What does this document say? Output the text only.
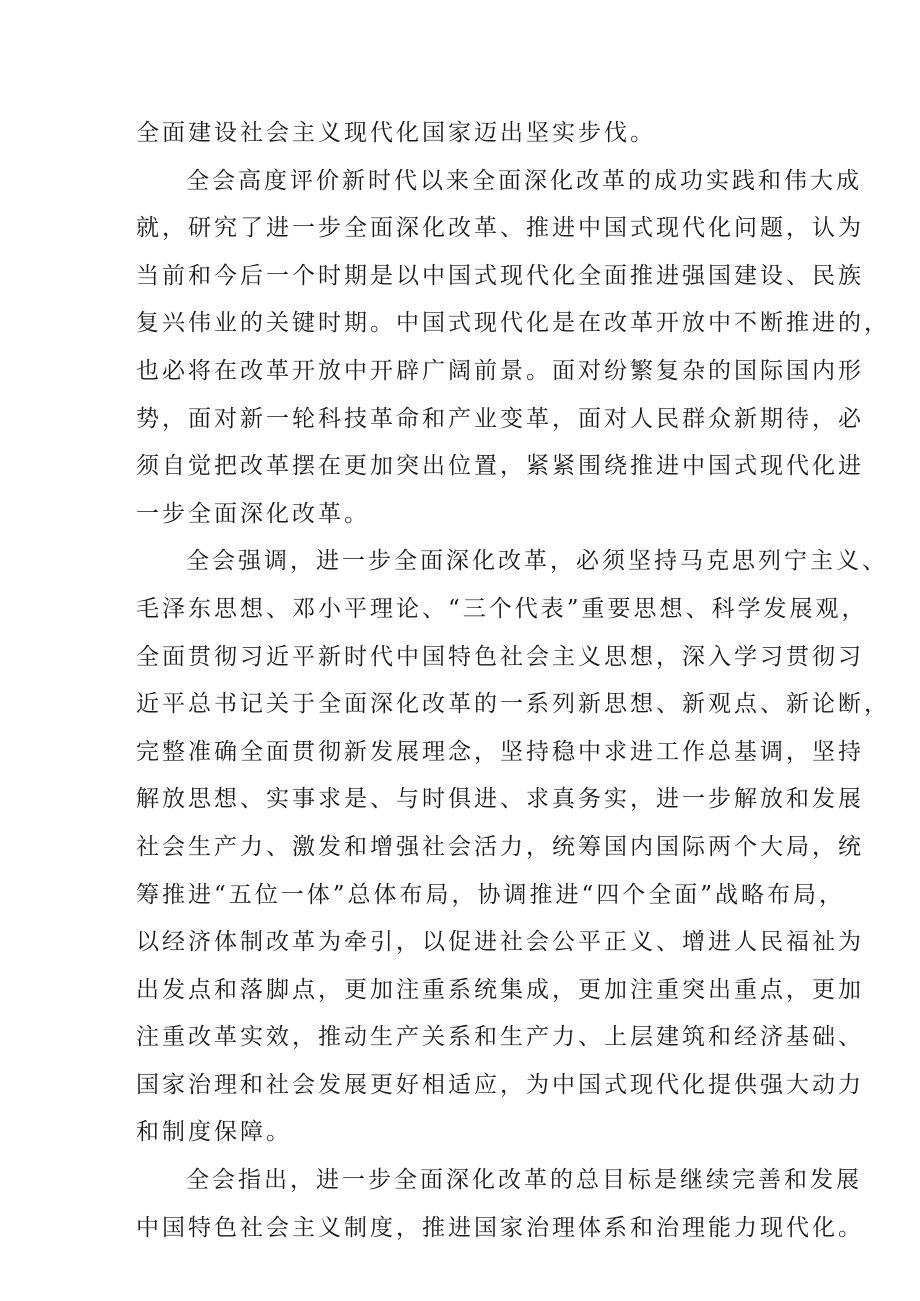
全面建设社会主义现代化国家迈出坚实步伐。
全会高度评价新时代以来全面深化改革的成功实践和伟大成
就，研究了进一步全面深化改革、推进中国式现代化问题，认为
当前和今后一个时期是以中国式现代化全面推进强国建设、民族
复兴伟业的关键时期。中国式现代化是在改革开放中不断推进的，
也必将在改革开放中开辟广阔前景。面对纷繁复杂的国际国内形
势，面对新一轮科技革命和产业变革，面对人民群众新期待，必
须自觉把改革摆在更加突出位置，紧紧围绕推进中国式现代化进
一步全面深化改革。
全会强调，进一步全面深化改革，必须坚持马克思列宁主义、
毛泽东思想、邓小平理论、“三个代表”重要思想、科学发展观，
全面贯彻习近平新时代中国特色社会主义思想，深入学习贯彻习
近平总书记关于全面深化改革的一系列新思想、新观点、新论断，
完整准确全面贯彻新发展理念，坚持稳中求进工作总基调，坚持
解放思想、实事求是、与时俱进、求真务实，进一步解放和发展
社会生产力、激发和增强社会活力，统筹国内国际两个大局，统
筹推进“五位一体”总体布局，协调推进“四个全面”战略布局，
以经济体制改革为牵引，以促进社会公平正义、增进人民福祉为
出发点和落脚点，更加注重系统集成，更加注重突出重点，更加
注重改革实效，推动生产关系和生产力、上层建筑和经济基础、
国家治理和社会发展更好相适应，为中国式现代化提供强大动力
和制度保障。
全会指出，进一步全面深化改革的总目标是继续完善和发展
中国特色社会主义制度，推进国家治理体系和治理能力现代化。
